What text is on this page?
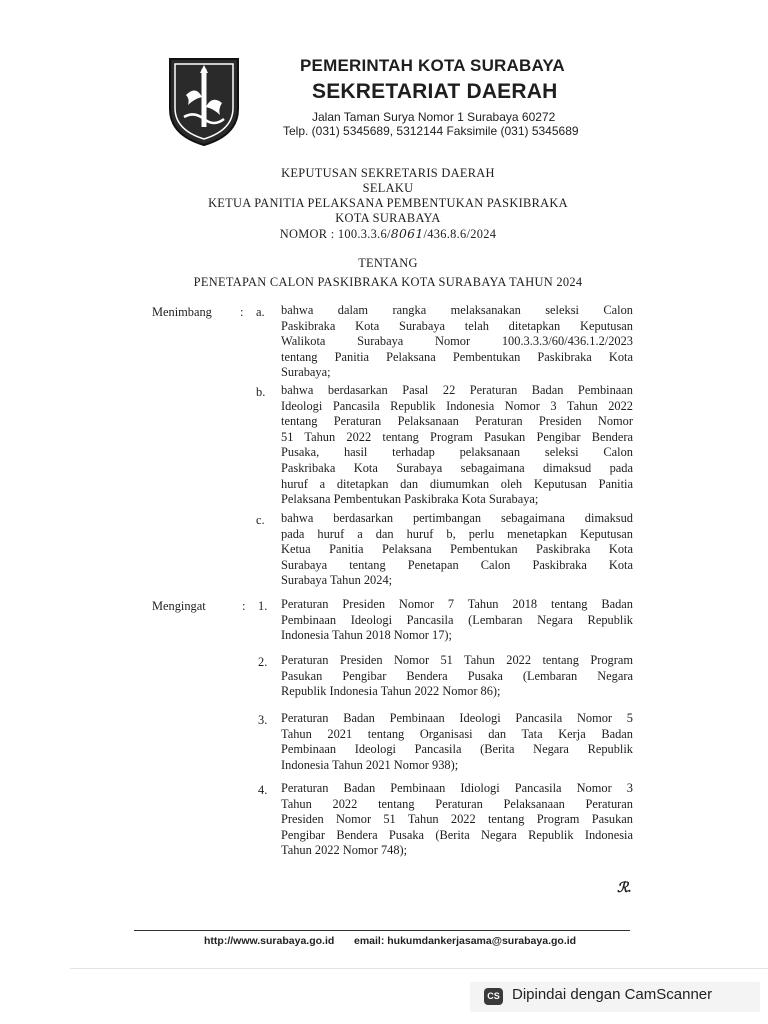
PEMERINTAH KOTA SURABAYA
SEKRETARIAT DAERAH
Jalan Taman Surya Nomor 1 Surabaya 60272
Telp. (031) 5345689, 5312144 Faksimile (031) 5345689
KEPUTUSAN SEKRETARIS DAERAH
SELAKU
KETUA PANITIA PELAKSANA PEMBENTUKAN PASKIBRAKA
KOTA SURABAYA
NOMOR : 100.3.3.6/8061/436.8.6/2024
TENTANG
PENETAPAN CALON PASKIBRAKA KOTA SURABAYA TAHUN 2024
Menimbang : a. bahwa dalam rangka melaksanakan seleksi Calon
Paskibraka Kota Surabaya telah ditetapkan Keputusan
Walikota Surabaya Nomor 100.3.3.3/60/436.1.2/2023
tentang Panitia Pelaksana Pembentukan Paskibraka Kota
Surabaya;
b. bahwa berdasarkan Pasal 22 Peraturan Badan Pembinaan
Ideologi Pancasila Republik Indonesia Nomor 3 Tahun 2022
tentang Peraturan Pelaksanaan Peraturan Presiden Nomor
51 Tahun 2022 tentang Program Pasukan Pengibar Bendera
Pusaka, hasil terhadap pelaksanaan seleksi Calon
Paskribaka Kota Surabaya sebagaimana dimaksud pada
huruf a ditetapkan dan diumumkan oleh Keputusan Panitia
Pelaksana Pembentukan Paskibraka Kota Surabaya;
c. bahwa berdasarkan pertimbangan sebagaimana dimaksud
pada huruf a dan huruf b, perlu menetapkan Keputusan
Ketua Panitia Pelaksana Pembentukan Paskibraka Kota
Surabaya tentang Penetapan Calon Paskibraka Kota
Surabaya Tahun 2024;
Mengingat	: 1. Peraturan Presiden Nomor 7 Tahun 2018 tentang Badan
Pembinaan Ideologi Pancasila (Lembaran Negara Republik
Indonesia Tahun 2018 Nomor 17);
2. Peraturan Presiden Nomor 51 Tahun 2022 tentang Program
Pasukan Pengibar Bendera Pusaka (Lembaran Negara
Republik Indonesia Tahun 2022 Nomor 86);
3. Peraturan Badan Pembinaan Ideologi Pancasila Nomor 5
Tahun 2021 tentang Organisasi dan Tata Kerja Badan
Pembinaan Ideologi Pancasila (Berita Negara Republik
Indonesia Tahun 2021 Nomor 938);
4. Peraturan Badan Pembinaan Idiologi Pancasila Nomor 3
Tahun 2022 tentang Peraturan Pelaksanaan Peraturan
Presiden Nomor 51 Tahun 2022 tentang Program Pasukan
Pengibar Bendera Pusaka (Berita Negara Republik Indonesia
Tahun 2022 Nomor 748);
ℛ.
http://www.surabaya.go.id email: hukumdankerjasama@surabaya.go.id
CS Dipindai dengan CamScanner
